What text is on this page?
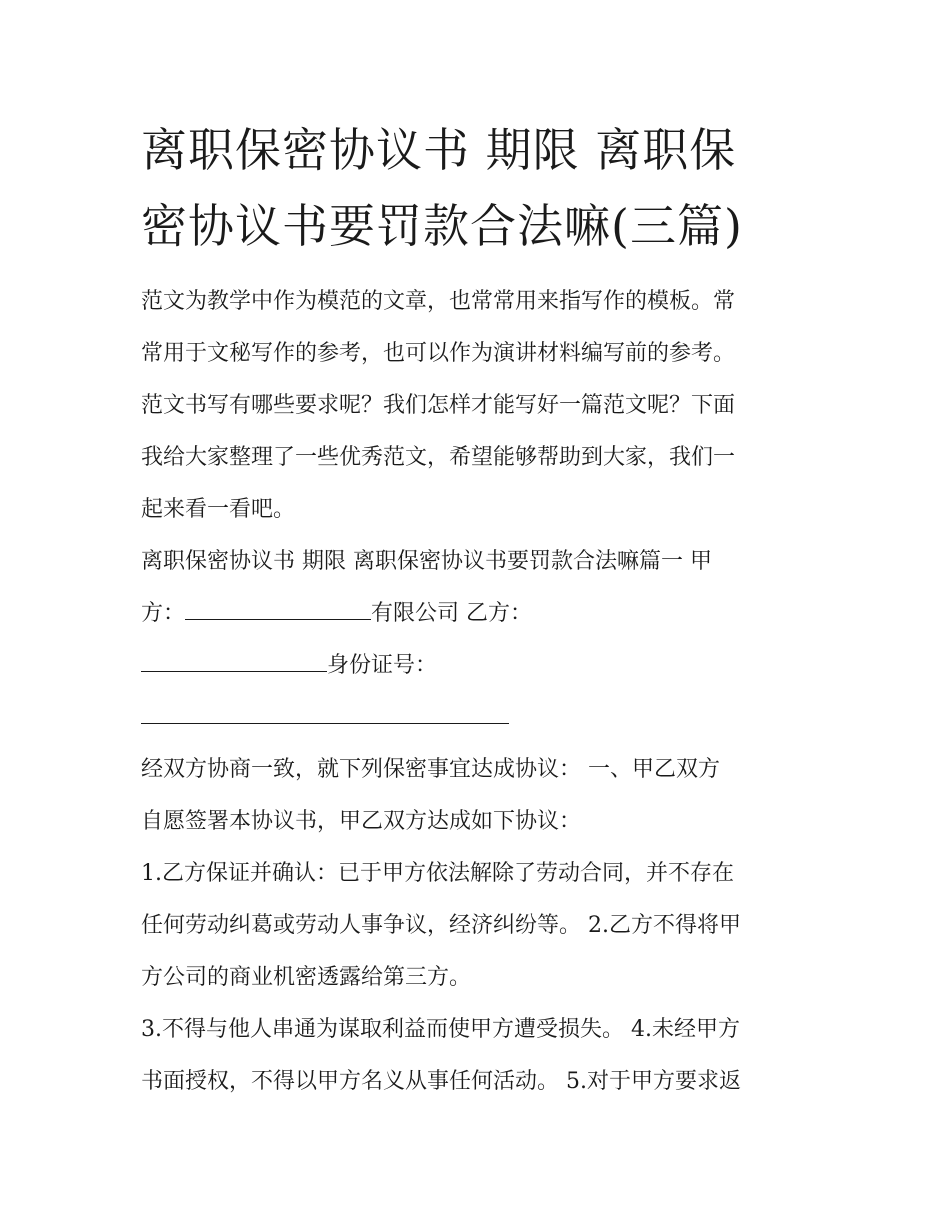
离职保密协议书 期限 离职保
密协议书要罚款合法嘛(三篇)
范文为教学中作为模范的文章，也常常用来指写作的模板。常
常用于文秘写作的参考，也可以作为演讲材料编写前的参考。
范文书写有哪些要求呢？我们怎样才能写好一篇范文呢？下面
我给大家整理了一些优秀范文，希望能够帮助到大家，我们一
起来看一看吧。
离职保密协议书 期限 离职保密协议书要罚款合法嘛篇一 甲
方：	有限公司 乙方：
身份证号：
经双方协商一致，就下列保密事宜达成协议： 一、甲乙双方
自愿签署本协议书，甲乙双方达成如下协议：
1.乙方保证并确认：已于甲方依法解除了劳动合同，并不存在
任何劳动纠葛或劳动人事争议，经济纠纷等。 2.乙方不得将甲
方公司的商业机密透露给第三方。
3.不得与他人串通为谋取利益而使甲方遭受损失。 4.未经甲方
书面授权，不得以甲方名义从事任何活动。 5.对于甲方要求返
